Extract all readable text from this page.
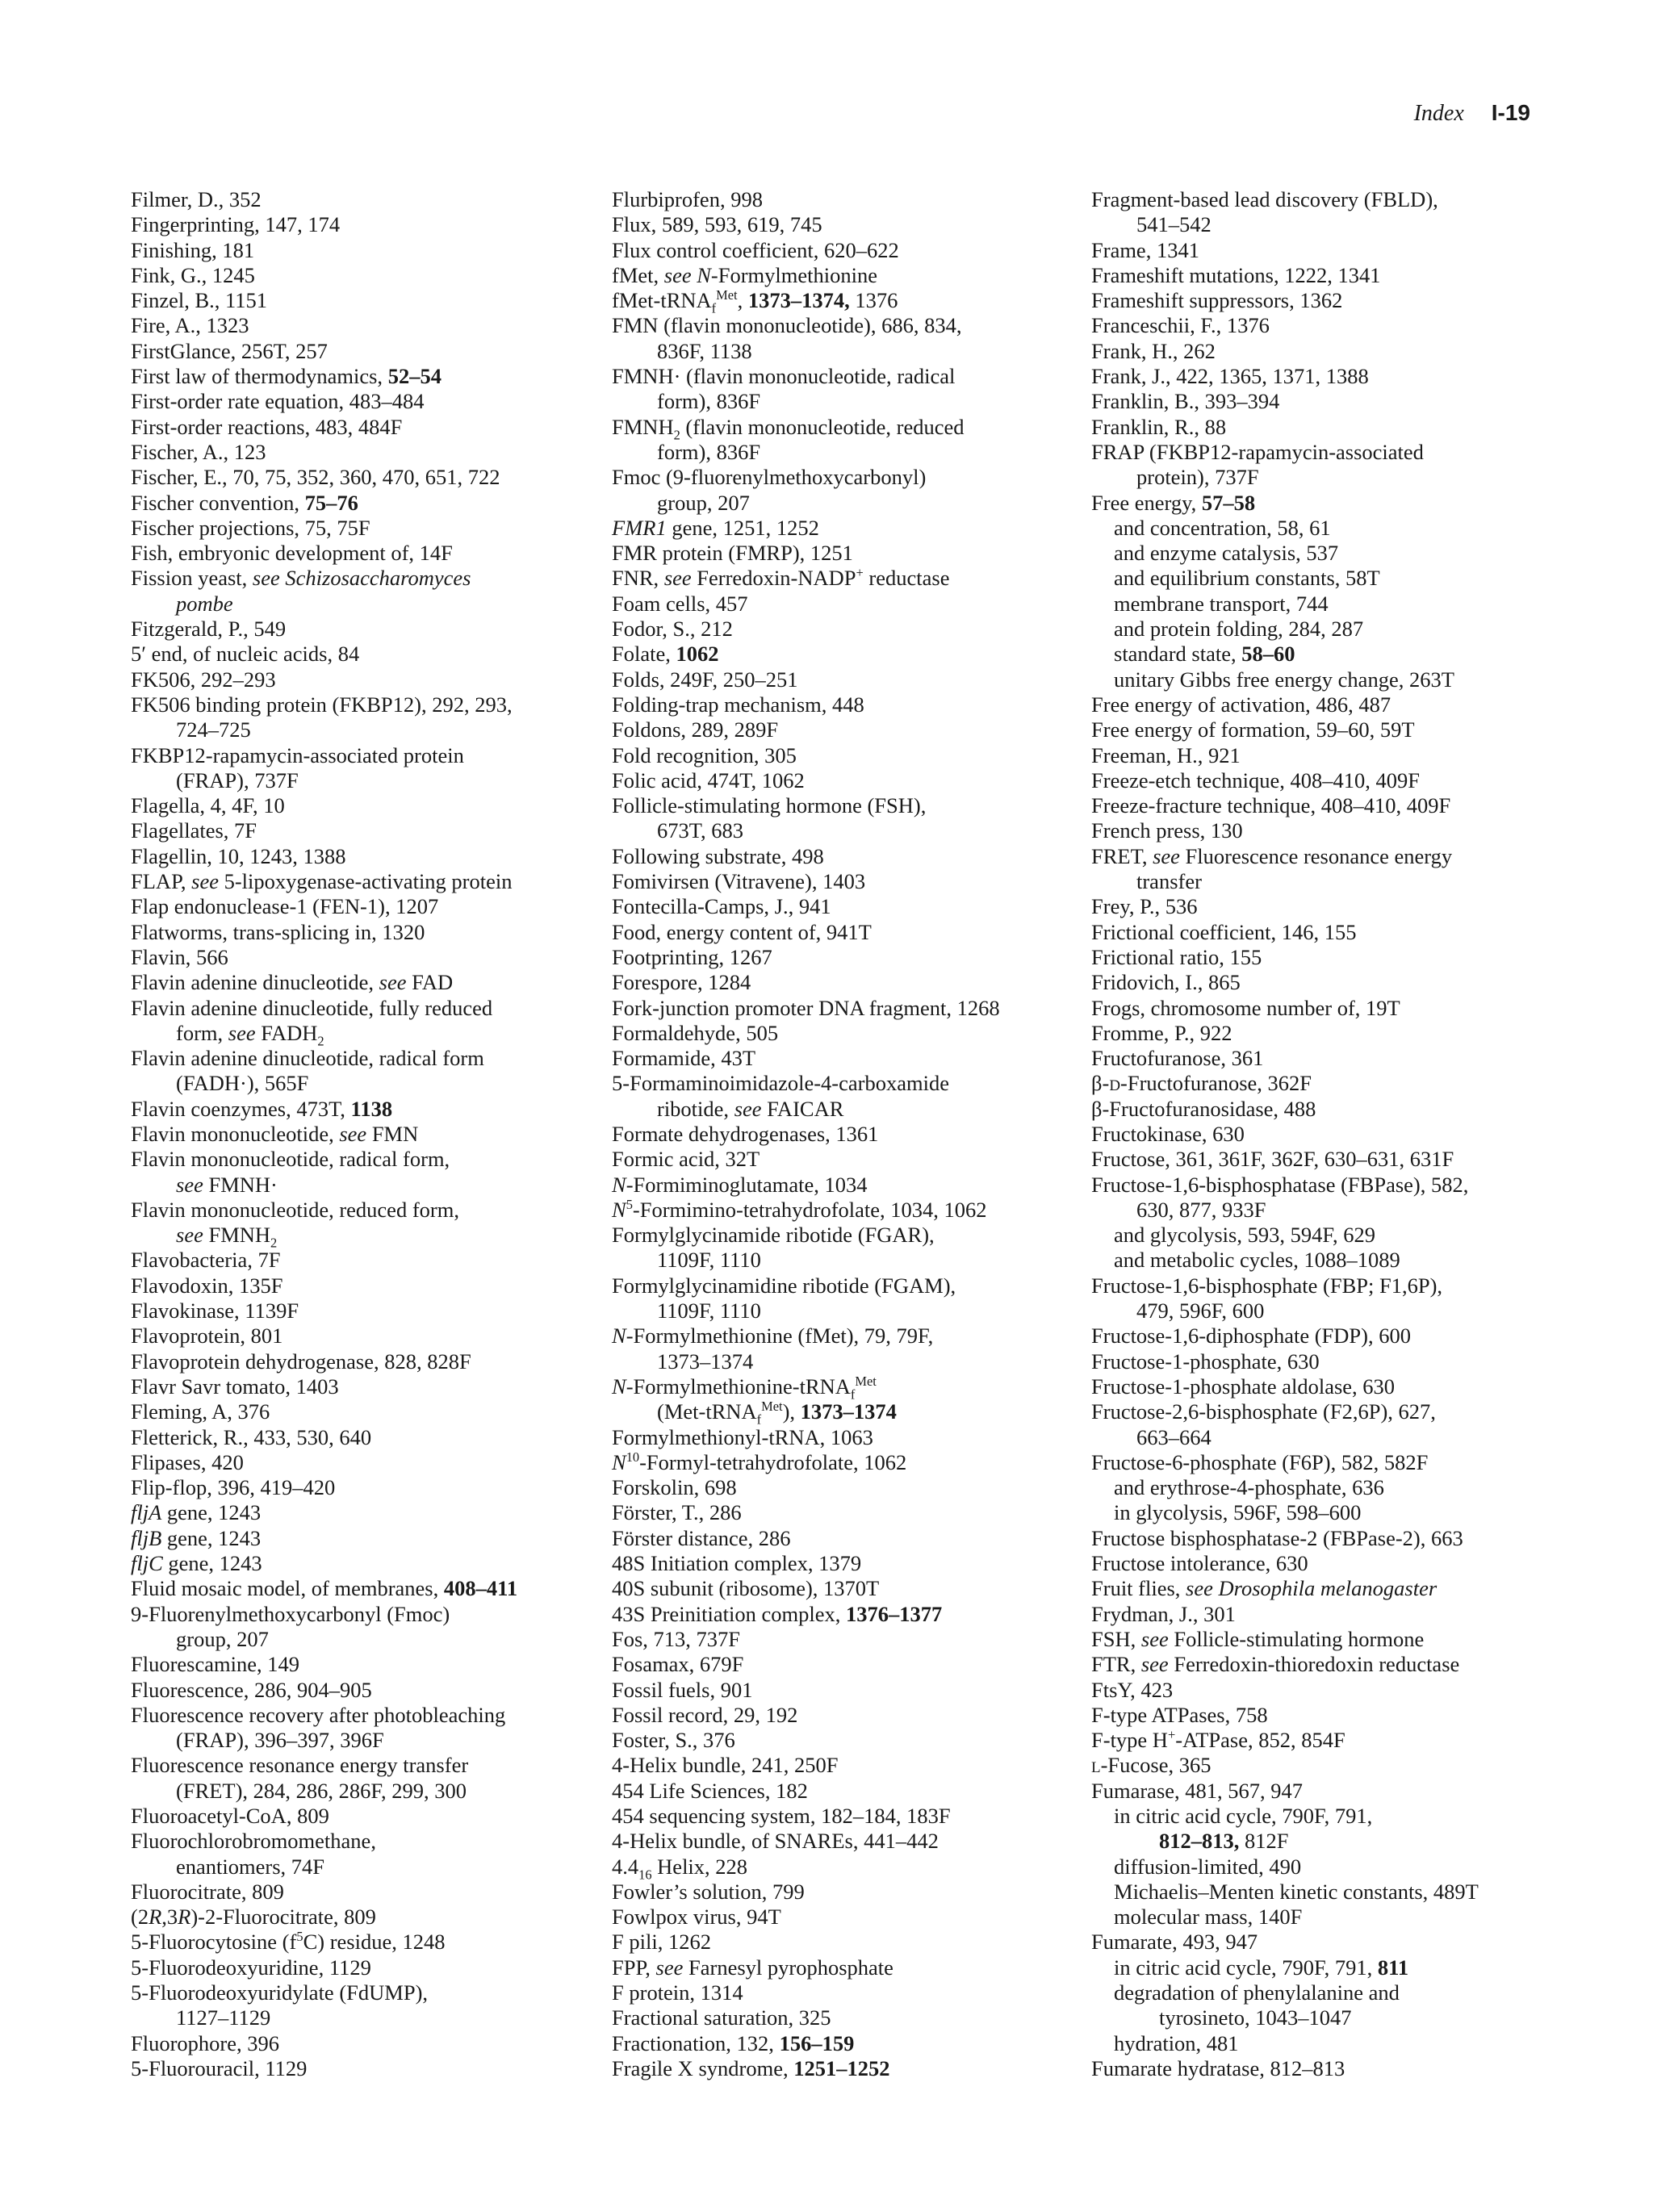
Index I-19
Filmer, D., 352
Fingerprinting, 147, 174
Finishing, 181
Fink, G., 1245
Finzel, B., 1151
Fire, A., 1323
FirstGlance, 256T, 257
First law of thermodynamics, 52–54
First-order rate equation, 483–484
First-order reactions, 483, 484F
Fischer, A., 123
Fischer, E., 70, 75, 352, 360, 470, 651, 722
Fischer convention, 75–76
Fischer projections, 75, 75F
Fish, embryonic development of, 14F
Fission yeast, see Schizosaccharomyces
pombe
Fitzgerald, P., 549
5′ end, of nucleic acids, 84
FK506, 292–293
FK506 binding protein (FKBP12), 292, 293,
724–725
FKBP12-rapamycin-associated protein
(FRAP), 737F
Flagella, 4, 4F, 10
Flagellates, 7F
Flagellin, 10, 1243, 1388
FLAP, see 5-lipoxygenase-activating protein
Flap endonuclease-1 (FEN-1), 1207
Flatworms, trans-splicing in, 1320
Flavin, 566
Flavin adenine dinucleotide, see FAD
Flavin adenine dinucleotide, fully reduced
form, see $FADH_2$
Flavin adenine dinucleotide, radical form
(FADH·), 565F
Flavin coenzymes, 473T, 1138
Flavin mononucleotide, see FMN
Flavin mononucleotide, radical form,
see FMNH·
Flavin mononucleotide, reduced form,
see $FMNH_2$
Flavobacteria, 7F
Flavodoxin, 135F
Flavokinase, 1139F
Flavoprotein, 801
Flavoprotein dehydrogenase, 828, 828F
Flavr Savr tomato, 1403
Fleming, A, 376
Fletterick, R., 433, 530, 640
Flipases, 420
Flip-flop, 396, 419–420
fljA gene, 1243
fljB gene, 1243
fljC gene, 1243
Fluid mosaic model, of membranes, 408–411
9-Fluorenylmethoxycarbonyl (Fmoc)
group, 207
Fluorescamine, 149
Fluorescence, 286, 904–905
Fluorescence recovery after photobleaching
(FRAP), 396–397, 396F
Fluorescence resonance energy transfer
(FRET), 284, 286, 286F, 299, 300
Fluoroacetyl-CoA, 809
Fluorochlorobromomethane,
enantiomers, 74F
Fluorocitrate, 809
(2R,3R)-2-Fluorocitrate, 809
5-Fluorocytosine $(f^5C)$ residue, 1248
5-Fluorodeoxyuridine, 1129
5-Fluorodeoxyuridylate (FdUMP),
1127–1129
Fluorophore, 396
5-Fluorouracil, 1129
Flurbiprofen, 998
Flux, 589, 593, 619, 745
Flux control coefficient, 620–622
fMet, see N-Formylmethionine
fMet-tRNA$_f^{Met}$, 1373–1374, 1376
FMN (flavin mononucleotide), 686, 834,
836F, 1138
FMNH· (flavin mononucleotide, radical
form), 836F
$FMNH_2$ (flavin mononucleotide, reduced
form), 836F
Fmoc (9-fluorenylmethoxycarbonyl)
group, 207
FMR1 gene, 1251, 1252
FMR protein (FMRP), 1251
FNR, see Ferredoxin-NADP+ reductase
Foam cells, 457
Fodor, S., 212
Folate, 1062
Folds, 249F, 250–251
Folding-trap mechanism, 448
Foldons, 289, 289F
Fold recognition, 305
Folic acid, 474T, 1062
Follicle-stimulating hormone (FSH),
673T, 683
Following substrate, 498
Fomivirsen (Vitravene), 1403
Fontecilla-Camps, J., 941
Food, energy content of, 941T
Footprinting, 1267
Forespore, 1284
Fork-junction promoter DNA fragment, 1268
Formaldehyde, 505
Formamide, 43T
5-Formaminoimidazole-4-carboxamide
ribotide, see FAICAR
Formate dehydrogenases, 1361
Formic acid, 32T
N-Formiminoglutamate, 1034
$N^5-Formimino$-tetrahydrofolate, 1034, 1062
Formylglycinamide ribotide (FGAR),
1109F, 1110
Formylglycinamidine ribotide (FGAM),
1109F, 1110
N-Formylmethionine (fMet), 79, 79F,
1373–1374
N-Formylmethionine-tRNA$_f^{Met}$
(Met-tRNA$_f^{Met}$), 1373–1374
Formylmethionyl-tRNA, 1063
$N^{10}-Formyl$-tetrahydrofolate, 1062
Forskolin, 698
Förster, T., 286
Förster distance, 286
48S Initiation complex, 1379
40S subunit (ribosome), 1370T
43S Preinitiation complex, 1376–1377
Fos, 713, 737F
Fosamax, 679F
Fossil fuels, 901
Fossil record, 29, 192
Foster, S., 376
4-Helix bundle, 241, 250F
454 Life Sciences, 182
454 sequencing system, 182–184, 183F
4-Helix bundle, of SNAREs, 441–442
$4.4_{16}$ Helix, 228
Fowler’s solution, 799
Fowlpox virus, 94T
F pili, 1262
FPP, see Farnesyl pyrophosphate
F protein, 1314
Fractional saturation, 325
Fractionation, 132, 156–159
Fragile X syndrome, 1251–1252
Fragment-based lead discovery (FBLD),
541–542
Frame, 1341
Frameshift mutations, 1222, 1341
Frameshift suppressors, 1362
Franceschii, F., 1376
Frank, H., 262
Frank, J., 422, 1365, 1371, 1388
Franklin, B., 393–394
Franklin, R., 88
FRAP (FKBP12-rapamycin-associated
protein), 737F
Free energy, 57–58
and concentration, 58, 61
and enzyme catalysis, 537
and equilibrium constants, 58T
membrane transport, 744
and protein folding, 284, 287
standard state, 58–60
unitary Gibbs free energy change, 263T
Free energy of activation, 486, 487
Free energy of formation, 59–60, 59T
Freeman, H., 921
Freeze-etch technique, 408–410, 409F
Freeze-fracture technique, 408–410, 409F
French press, 130
FRET, see Fluorescence resonance energy
transfer
Frey, P., 536
Frictional coefficient, 146, 155
Frictional ratio, 155
Fridovich, I., 865
Frogs, chromosome number of, 19T
Fromme, P., 922
Fructofuranose, 361
β-d-Fructofuranose, 362F
β-Fructofuranosidase, 488
Fructokinase, 630
Fructose, 361, 361F, 362F, 630–631, 631F
Fructose-1,6-bisphosphatase (FBPase), 582,
630, 877, 933F
and glycolysis, 593, 594F, 629
and metabolic cycles, 1088–1089
Fructose-1,6-bisphosphate (FBP; F1,6P),
479, 596F, 600
Fructose-1,6-diphosphate (FDP), 600
Fructose-1-phosphate, 630
Fructose-1-phosphate aldolase, 630
Fructose-2,6-bisphosphate (F2,6P), 627,
663–664
Fructose-6-phosphate (F6P), 582, 582F
and erythrose-4-phosphate, 636
in glycolysis, 596F, 598–600
Fructose bisphosphatase-2 (FBPase-2), 663
Fructose intolerance, 630
Fruit flies, see Drosophila melanogaster
Frydman, J., 301
FSH, see Follicle-stimulating hormone
FTR, see Ferredoxin-thioredoxin reductase
FtsY, 423
F-type ATPases, 758
F-type H+-ATPase, 852, 854F
l-Fucose, 365
Fumarase, 481, 567, 947
in citric acid cycle, 790F, 791,
812–813, 812F
diffusion-limited, 490
Michaelis–Menten kinetic constants, 489T
molecular mass, 140F
Fumarate, 493, 947
in citric acid cycle, 790F, 791, 811
degradation of phenylalanine and
tyrosineto, 1043–1047
hydration, 481
Fumarate hydratase, 812–813
